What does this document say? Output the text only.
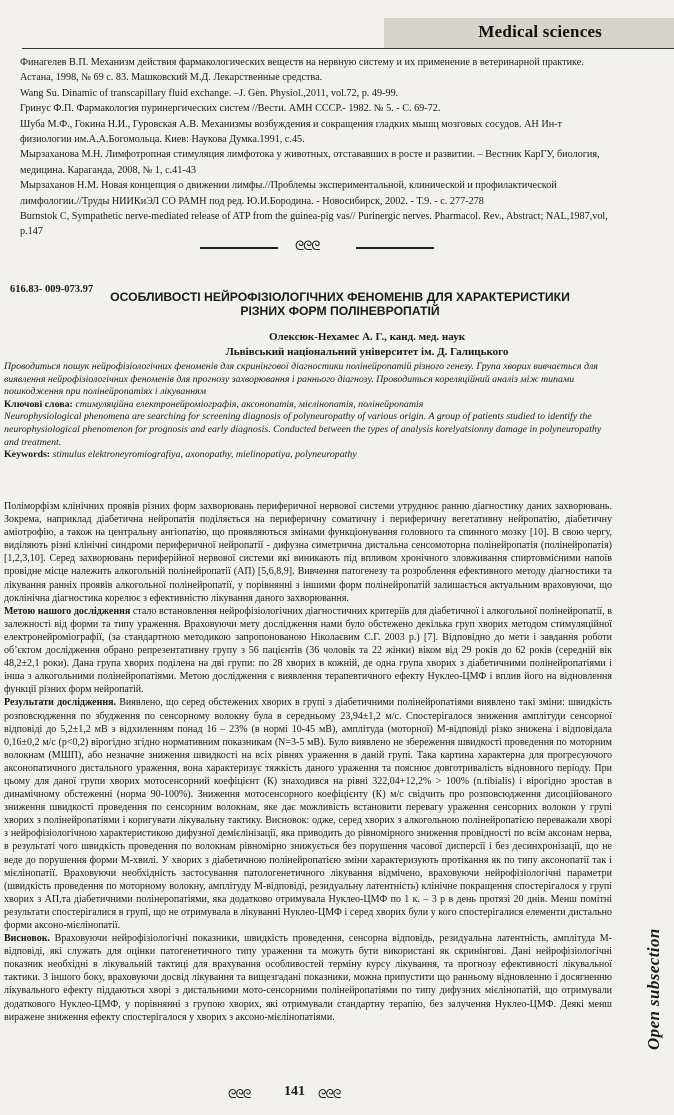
Medical sciences
Финагелев В.П. Механизм действия фармакологических веществ на нервную систему и их применение в ветеринарной практике. Астана, 1998, № 69 с. 83. Машковский М.Д. Лекарственные средства.
Wang Su. Dinamic of transcapillary fluid exchange. –J. Gen. Physiol.,2011, vol.72, p. 49-99.
Гринус Ф.П. Фармакология пуринергических систем //Вести. АМН СССР.- 1982. № 5. - С. 69-72.
Шуба М.Ф., Гокина Н.И., Гуровская А.В. Механизмы возбуждения и сокращения гладких мышц мозговых сосудов. АН Ин-т физиологии им.А.А.Богомольца. Киев: Наукова Думка.1991, с.45.
Мырзаханова М.Н. Лимфотропная стимуляция лимфотока у животных, отстававших в росте и развитии. – Вестник КарГУ, биология, медицина. Караганда, 2008, № 1, с.41-43
Мырзаханов Н.М. Новая концепция о движении лимфы.//Проблемы экспериментальной, клинической и профилактической лимфологии.//Труды НИИКиЭЛ СО РАМН под ред. Ю.И.Бородина. - Новосибирск, 2002. - Т.9. - с. 277-278
Burnstok C, Sympathetic nerve-mediated release of ATP from the guinea-pig vas// Purinergic nerves. Pharmacol. Rev., Abstract; NAL,1987,vol, p.147
ᘓᘓᘓ
616.83- 009-073.97
ОСОБЛИВОСТІ НЕЙРОФІЗІОЛОГІЧНИХ ФЕНОМЕНІВ ДЛЯ ХАРАКТЕРИСТИКИ
РІЗНИХ ФОРМ ПОЛІНЕВРОПАТІЙ
Олексюк-Нехамес А. Г., канд. мед. наук
Львівський національний університет ім. Д. Галицького

Проводиться пошук нейрофізіологічних феноменів для скринінгової діагностики полінейропатій різного генезу. Група хворих вивчається для виявлення нейрофізіологічних феноменів для прогнозу захворювання і раннього діагнозу. Проводиться кореляційний аналіз між типами пошкодження при полінейропатіях і лікуванням

Ключові слова: стимуляційна електронейроміографія, аксонопатія, мієлінопатія, полінейропатія

Neurophysiological phenomena are searching for screening diagnosis of polyneuropathy of various origin. A group of patients studied to identify the neurophysiological phenomenon for prognosis and early diagnosis. Conducted between the types of analysis korelyatsionny damage in polyneuropathy and treatment.

Keywords: stimulus elektroneyromiografiya, axonopathy, mielinopatiya, polyneuropathy

Поліморфізм клінічних проявів різних форм захворювань периферичної нервової системи утруднює ранню діагностику даних захворювань. Зокрема, наприклад діабетична нейропатія поділяється на периферичну соматичну і периферичну вегетативну нейропатію, діабетичну аміотрофію, а також на центральну ангіопатію, що проявляються змінами функціонування головного та спинного мозку [10]. В свою чергу, виділяють різні клінічні синдроми периферичної нейропатії - дифузна симетрична дистальна сенсомоторна полінейропатія (полінейропатія) [1,2,3,10]. Серед захворювань периферійної нервової системи які виникають під впливом хронічного зловживання спиртовмісними напоїв провідне місце належить алкогольній полінейропатії (АП) [5,6,8,9]. Вивчення патогенезу та розроблення ефективного методу діагностики та лікування ранніх проявів алкогольної полінейропатії, у порівнянні з іншими форм полінейропатій залишається актуальним враховуючи, що доклінічна діагностика корелює з ефективністю лікування даного захворювання.

Метою нашого дослідження стало встановлення нейрофізіологічних діагностичних критеріїв для діабетичної і алкогольної полінейропатії, в залежності від форми та типу ураження. Враховуючи мету дослідження нами було обстежено декілька груп хворих методом стимуляційної електронейроміографії, (за стандартною методикою запропонованою Ніколаєвим С.Г. 2003 р.) [7]. Відповідно до мети і завдання роботи об’єктом дослідження обрано репрезентативну групу з 56 пацієнтів (36 чоловік та 22 жінки) віком від 29 років до 62 років (середній вік 48,2±2,1 роки). Дана група хворих поділена на дві групи: по 28 хворих в кожній, де одна група хворих з діабетичними полінейропатіями і інша з алкогольними полінейропатіями. Метою дослідження є виявлення терапевтичного ефекту Нуклео-ЦМФ і вплив його на відновлення функції різних форм нейропатій.

Результати дослідження. Виявлено, що серед обстежених хворих в групі з діабетичними полінейропатіями виявлено такі зміни: швидкість розповсюдження по збудження по сенсорному волокну була в середньому 23,94±1,2 м/с. Спостерігалося зниження амплітуди сенсорної відповіді до 5,2±1,2 мВ з відхиленням понад 16 – 23% (в нормі 10-45 мВ), амплітуда (моторної) М-відповіді різко знижена і відповідала 0,16±0,2 м/с (р<0,2) вірогідно згідно нормативним показникам (N=3-5 мВ). Було виявлено не збереження швидкості проведення по моторним волокнам (МШП), або незначне зниження швидкості на всіх рівнях ураження в даній групі. Така картина характерна для прогресуючого аксонопатичного дистального ураження, вона характеризує тяжкість даного ураження та пояснює довготривалість відновного періоду. При цьому для даної групи хворих мотосенсорний коефіцієнт (К) знаходився на рівні 322,04+12,2% > 100% (n.tibialis) і вірогідно зростав в динамічному обстеженні (норма 90-100%). Зниження мотосенсорного коефіцієнту (К) м/с свідчить про розповсюдження дисоційованого зниження швидкості проведення по сенсорним волокнам, яке дає можливість встановити перевагу ураження сенсорних волокон у групі хворих з полінейропатіями і коригувати лікувальну тактику. Висновок: одже, серед хворих з алкогольною полінейропатією переважали хворі з нейрофізіологічною характеристикою дифузної демієлінізації, яка приводить до рівномірного зниження провідності по всім аксонам нерва, в результаті чого швидкість проведення по волокнам рівномірно знижується без порушення часової дисперсії і без десинхронізації, що не веде до порушення форми М-хвилі. У хворих з діабетичною полінейропатією зміни характеризують протікання як по типу аксонопатії так і мієлінопатії. Враховуючи необхідність застосування патологенетичного лікування відмічено, враховуючи нейрофізіологічні параметри (швидкість проведення по моторному волокну, амплітуду М-відповіді, резидуальну латентність) клінічне покращення спостерігалося у групі хворих з АП,та діабетичними полінеропатіями, яка додатково отримувала Нуклео-ЦМФ по 1 к. – 3 р в день протязі 20 днів. Менш помітні результати спостерігалися в групі, що не отримувала в лікуванні Нуклео-ЦМФ і серед хворих були у кого спостерігалися елементи дистально форми аксоно-мієлінопатії.

Висновок. Враховуючи нейрофізіологічні показники, швидкість проведення, сенсорна відповідь, резидуальна латентність, амплітуда М-відповіді, які служать для оцінки патогенетичного типу ураження та можуть бути використані як скринінгові. Дані нейрофізіологічні показник необхідні в лікувальній тактиці для врахування особливостей терміну курсу лікування, та прогнозу ефективності лікувальної тактики. З іншого боку, враховуючи досвід лікування та вищезгадані показники, можна припустити що ранньому відновленню і досягненню лікувального ефекту піддаються хворі з дистальними мото-сенсорними полінейропатіями по типу дифузних мієлінопатій, що отримували додаткового Нуклео-ЦМФ, у порівнянні з групою хворих, які отримували стандартну терапію, без залучення Нуклео-ЦМФ. Деякі менш виражене зниження ефекту спостерігалося у хворих з аксоно-мієлінопатіями.

ᘓᘓᘓ 141 ᘓᘓᘓ
Open subsection
